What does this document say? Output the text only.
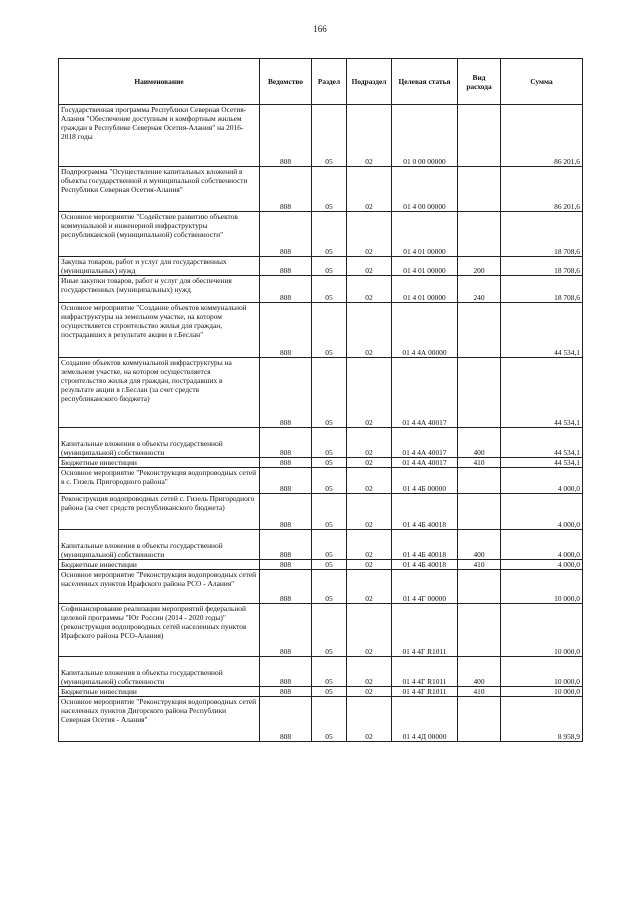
166
Наименование	Ведомство	Раздел	Подраздел	Целевая статья	Вид расхода	Сумма
Государственная программа Республики Северная Осетия-Алания "Обеспечение доступным и комфортным жильем граждан в Республике Северная Осетия-Алания" на 2016-2018 годы	808	05	02	01 0 00 00000		86 201,6
Подпрограмма "Осуществление капитальных вложений в объекты государственной и муниципальной собственности Республики Северная Осетия-Алания"	808	05	02	01 4 00 00000		86 201,6
Основное мероприятие "Содействие развитию объектов коммунальной и инженерной инфраструктуры республиканской (муниципальной) собственности"	808	05	02	01 4 01 00000		18 708,6
Закупка товаров, работ и услуг для государственных (муниципальных) нужд	808	05	02	01 4 01 00000	200	18 708,6
Иные закупки товаров, работ и услуг для обеспечения государственных (муниципальных) нужд	808	05	02	01 4 01 00000	240	18 708,6
Основное мероприятие "Создание объектов коммунальной инфраструктуры на земельном участке, на котором осуществляется строительство жилья для граждан, пострадавших в результате акции в г.Беслан"	808	05	02	01 4 4А 00000		44 534,1
Создание объектов коммунальной инфраструктуры на земельном участке, на котором осуществляется строительство жилья для граждан, пострадавших в результате акции в г.Беслан (за счет средств республиканского бюджета)	808	05	02	01 4 4А 40017		44 534,1
Капитальные вложения в объекты государственной (муниципальной) собственности	808	05	02	01 4 4А 40017	400	44 534,1
Бюджетные инвестиции	808	05	02	01 4 4А 40017	410	44 534,1
Основное мероприятие "Реконструкция водопроводных сетей в с. Гизель Пригородного района"	808	05	02	01 4 4Б 00000		4 000,0
Реконструкция водопроводных сетей с. Гизель Пригородного района (за счет средств республиканского бюджета)	808	05	02	01 4 4Б 40018		4 000,0
Капитальные вложения в объекты государственной (муниципальной) собственности	808	05	02	01 4 4Б 40018	400	4 000,0
Бюджетные инвестиции	808	05	02	01 4 4Б 40018	410	4 000,0
Основное мероприятие "Реконструкция водопроводных сетей населенных пунктов Ирафского района РСО - Алания"	808	05	02	01 4 4Г 00000		10 000,0
Софинансирование реализации мероприятий федеральной целевой программы "Юг России (2014 - 2020 годы)" (реконструкция водопроводных сетей населенных пунктов Ирафского района РСО-Алания)	808	05	02	01 4 4Г R1011		10 000,0
Капитальные вложения в объекты государственной (муниципальной) собственности	808	05	02	01 4 4Г R1011	400	10 000,0
Бюджетные инвестиции	808	05	02	01 4 4Г R1011	410	10 000,0
Основное мероприятие "Реконструкция водопроводных сетей населенных пунктов Дигорского района Республики Северная Осетия - Алания"	808	05	02	01 4 4Д 00000		8 958,9
